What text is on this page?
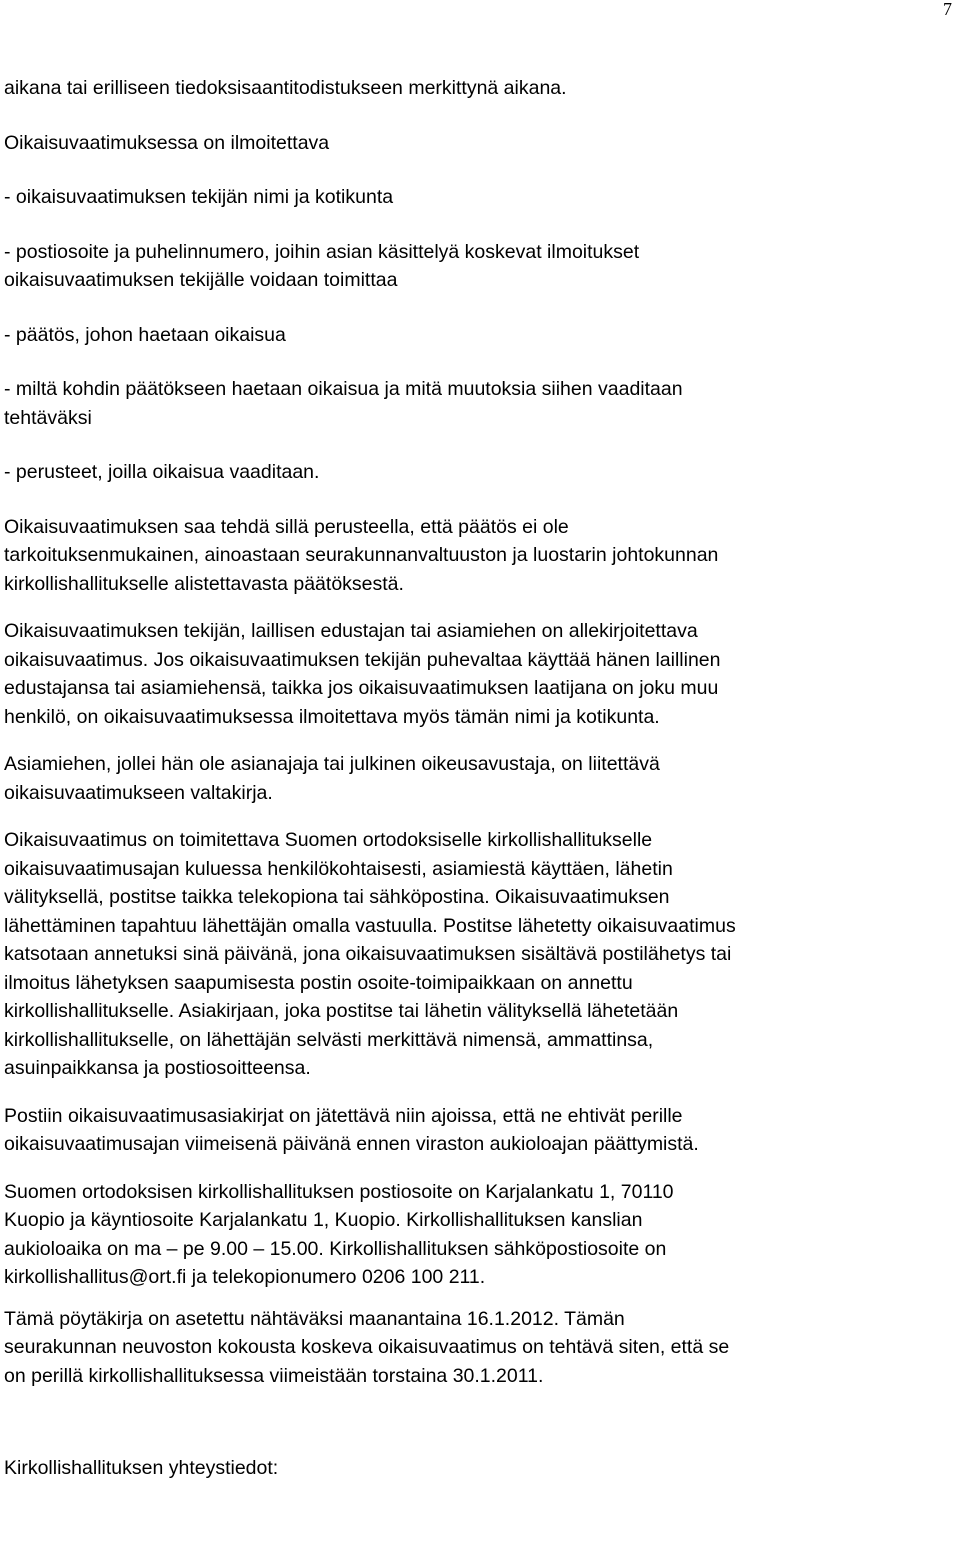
7

aikana tai erilliseen tiedoksisaantitodistukseen merkittynä aikana.

Oikaisuvaatimuksessa on ilmoitettava

- oikaisuvaatimuksen tekijän nimi ja kotikunta

- postiosoite ja puhelinnumero, joihin asian käsittelyä koskevat ilmoitukset
oikaisuvaatimuksen tekijälle voidaan toimittaa

- päätös, johon haetaan oikaisua

- miltä kohdin päätökseen haetaan oikaisua ja mitä muutoksia siihen vaaditaan
tehtäväksi

- perusteet, joilla oikaisua vaaditaan.

Oikaisuvaatimuksen saa tehdä sillä perusteella, että päätös ei ole
tarkoituksenmukainen, ainoastaan seurakunnanvaltuuston ja luostarin johtokunnan
kirkollishallitukselle alistettavasta päätöksestä.

Oikaisuvaatimuksen tekijän, laillisen edustajan tai asiamiehen on allekirjoitettava
oikaisuvaatimus. Jos oikaisuvaatimuksen tekijän puhevaltaa käyttää hänen laillinen
edustajansa tai asiamiehensä, taikka jos oikaisuvaatimuksen laatijana on joku muu
henkilö, on oikaisuvaatimuksessa ilmoitettava myös tämän nimi ja kotikunta.

Asiamiehen, jollei hän ole asianajaja tai julkinen oikeusavustaja, on liitettävä
oikaisuvaatimukseen valtakirja.

Oikaisuvaatimus on toimitettava Suomen ortodoksiselle kirkollishallitukselle
oikaisuvaatimusajan kuluessa henkilökohtaisesti, asiamiestä käyttäen, lähetin
välityksellä, postitse taikka telekopiona tai sähköpostina. Oikaisuvaatimuksen
lähettäminen tapahtuu lähettäjän omalla vastuulla. Postitse lähetetty oikaisuvaatimus
katsotaan annetuksi sinä päivänä, jona oikaisuvaatimuksen sisältävä postilähetys tai
ilmoitus lähetyksen saapumisesta postin osoite-toimipaikkaan on annettu
kirkollishallitukselle. Asiakirjaan, joka postitse tai lähetin välityksellä lähetetään
kirkollishallitukselle, on lähettäjän selvästi merkittävä nimensä, ammattinsa,
asuinpaikkansa ja postiosoitteensa.

Postiin oikaisuvaatimusasiakirjat on jätettävä niin ajoissa, että ne ehtivät perille
oikaisuvaatimusajan viimeisenä päivänä ennen viraston aukioloajan päättymistä.

Suomen ortodoksisen kirkollishallituksen postiosoite on Karjalankatu 1, 70110
Kuopio ja käyntiosoite Karjalankatu 1, Kuopio. Kirkollishallituksen kanslian
aukioloaika on ma – pe 9.00 – 15.00. Kirkollishallituksen sähköpostiosoite on
kirkollishallitus@ort.fi ja telekopionumero 0206 100 211.

Tämä pöytäkirja on asetettu nähtäväksi maanantaina 16.1.2012. Tämän
seurakunnan neuvoston kokousta koskeva oikaisuvaatimus on tehtävä siten, että se
on perillä kirkollishallituksessa viimeistään torstaina 30.1.2011.

Kirkollishallituksen yhteystiedot:
